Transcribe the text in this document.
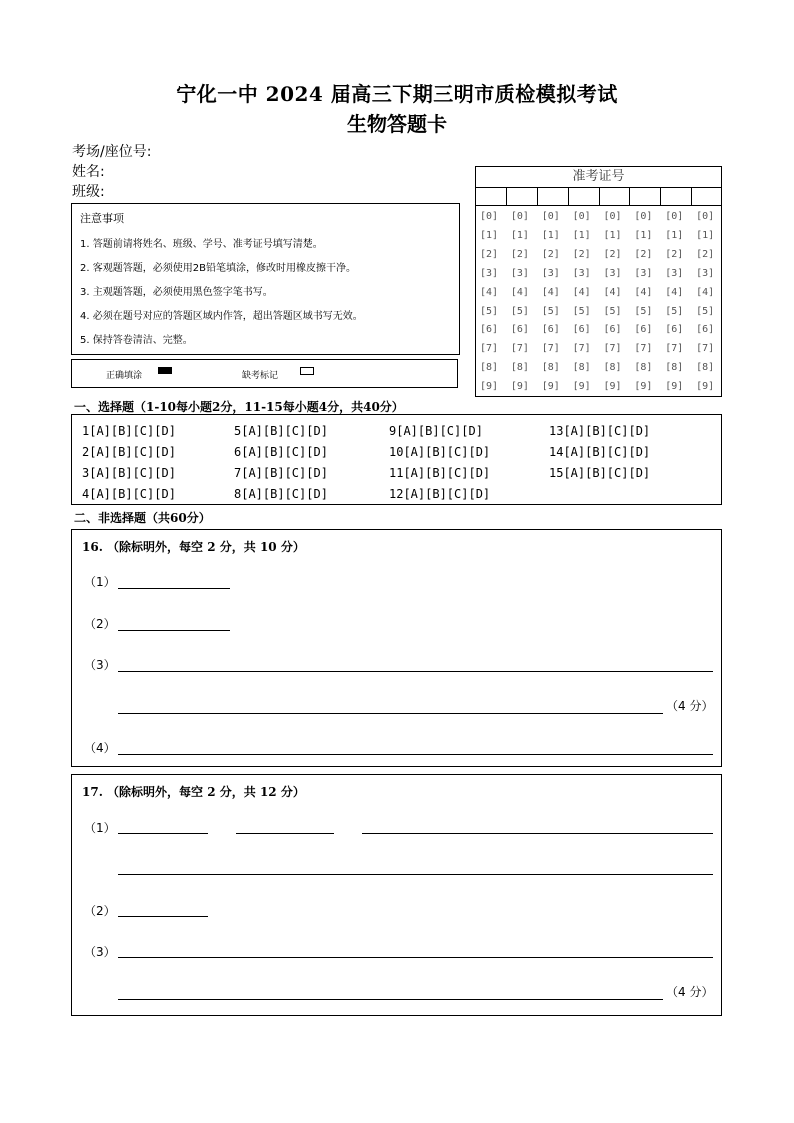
宁化一中 2024 届高三下期三明市质检模拟考试
生物答题卡
考场/座位号:
姓名:
班级:
注意事项
1. 答题前请将姓名、班级、学号、准考证号填写清楚。
2. 客观题答题，必须使用2B铅笔填涂，修改时用橡皮擦干净。
3. 主观题答题，必须使用黑色签字笔书写。
4. 必须在题号对应的答题区域内作答，超出答题区域书写无效。
5. 保持答卷清洁、完整。
正确填涂	缺考标记
准考证号
[0]
[1]
[2]
[3]
[4]
[5]
[6]
[7]
[8]
[9]
[0]
[1]
[2]
[3]
[4]
[5]
[6]
[7]
[8]
[9]
[0]
[1]
[2]
[3]
[4]
[5]
[6]
[7]
[8]
[9]
[0]
[1]
[2]
[3]
[4]
[5]
[6]
[7]
[8]
[9]
[0]
[1]
[2]
[3]
[4]
[5]
[6]
[7]
[8]
[9]
[0]
[1]
[2]
[3]
[4]
[5]
[6]
[7]
[8]
[9]
[0]
[1]
[2]
[3]
[4]
[5]
[6]
[7]
[8]
[9]
[0]
[1]
[2]
[3]
[4]
[5]
[6]
[7]
[8]
[9]
一、选择题（1-10每小题2分，11-15每小题4分，共40分）
1[A][B][C][D]
2[A][B][C][D]
3[A][B][C][D]
4[A][B][C][D]
5[A][B][C][D]
6[A][B][C][D]
7[A][B][C][D]
8[A][B][C][D]
9[A][B][C][D]
10[A][B][C][D]
11[A][B][C][D]
12[A][B][C][D]
13[A][B][C][D]
14[A][B][C][D]
15[A][B][C][D]
二、非选择题（共60分）
16. （除标明外，每空 2 分，共 10 分）
（1）
（2）
（3）
（4 分）
（4）
17. （除标明外，每空 2 分，共 12 分）
（1）
（2）
（3）
（4 分）
